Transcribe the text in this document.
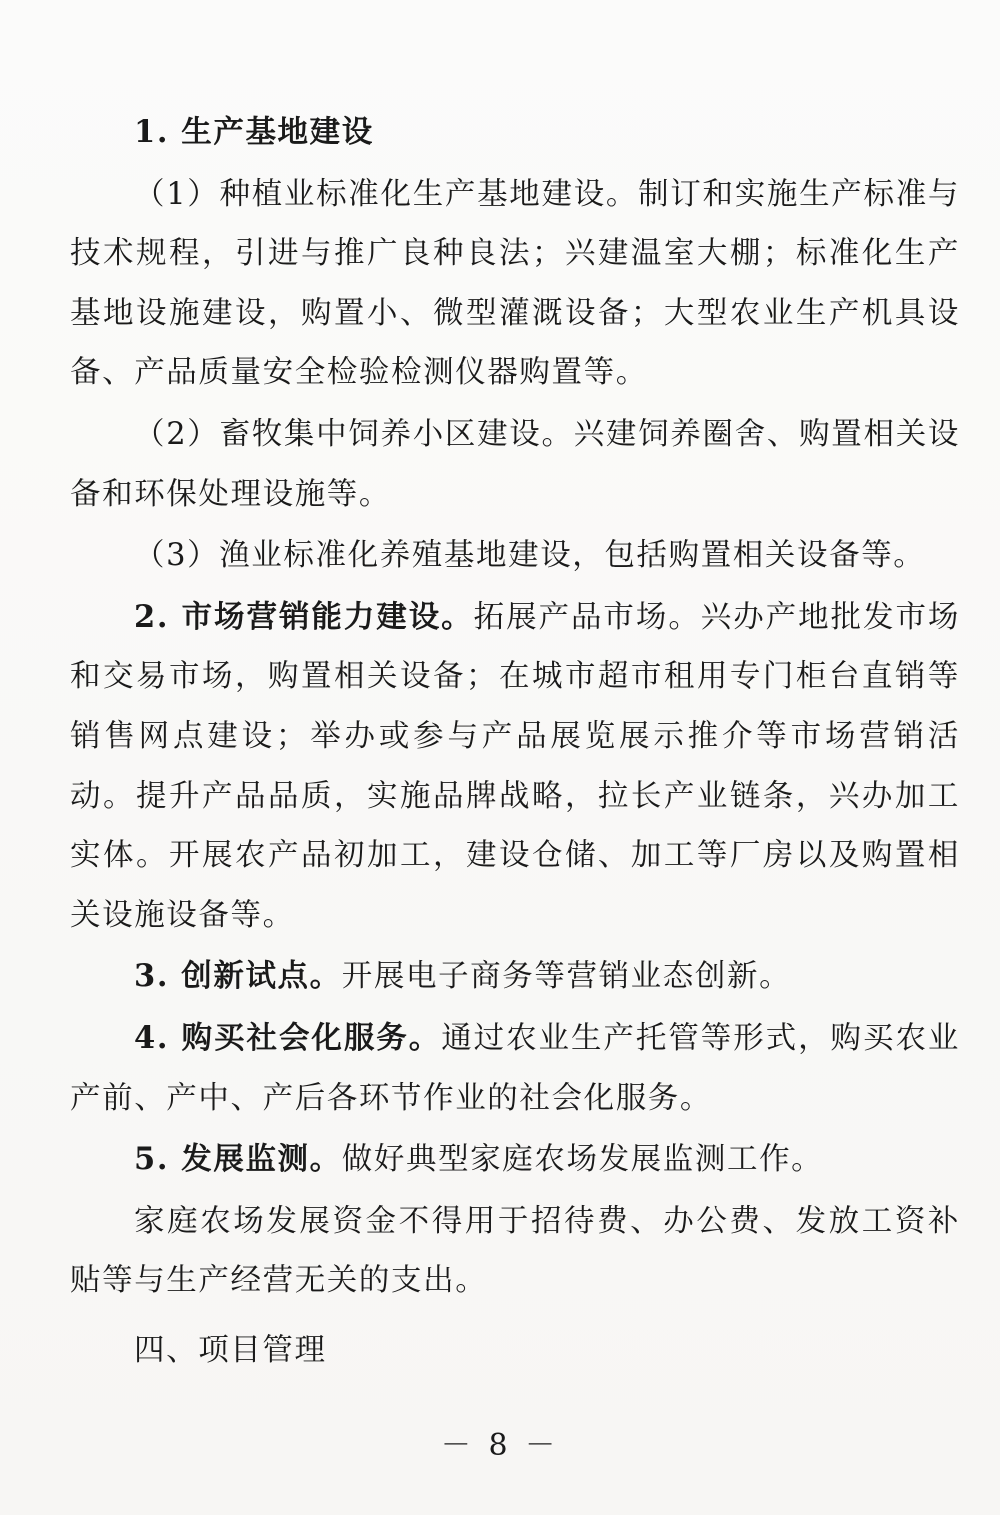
1. 生产基地建设

（1）种植业标准化生产基地建设。制订和实施生产标准与技术规程，引进与推广良种良法；兴建温室大棚；标准化生产基地设施建设，购置小、微型灌溉设备；大型农业生产机具设备、产品质量安全检验检测仪器购置等。

（2）畜牧集中饲养小区建设。兴建饲养圈舍、购置相关设备和环保处理设施等。

（3）渔业标准化养殖基地建设，包括购置相关设备等。

2. 市场营销能力建设。拓展产品市场。兴办产地批发市场和交易市场，购置相关设备；在城市超市租用专门柜台直销等销售网点建设；举办或参与产品展览展示推介等市场营销活动。提升产品品质，实施品牌战略，拉长产业链条，兴办加工实体。开展农产品初加工，建设仓储、加工等厂房以及购置相关设施设备等。

3. 创新试点。开展电子商务等营销业态创新。

4. 购买社会化服务。通过农业生产托管等形式，购买农业产前、产中、产后各环节作业的社会化服务。

5. 发展监测。做好典型家庭农场发展监测工作。

家庭农场发展资金不得用于招待费、办公费、发放工资补贴等与生产经营无关的支出。

四、项目管理

－ 8 －
